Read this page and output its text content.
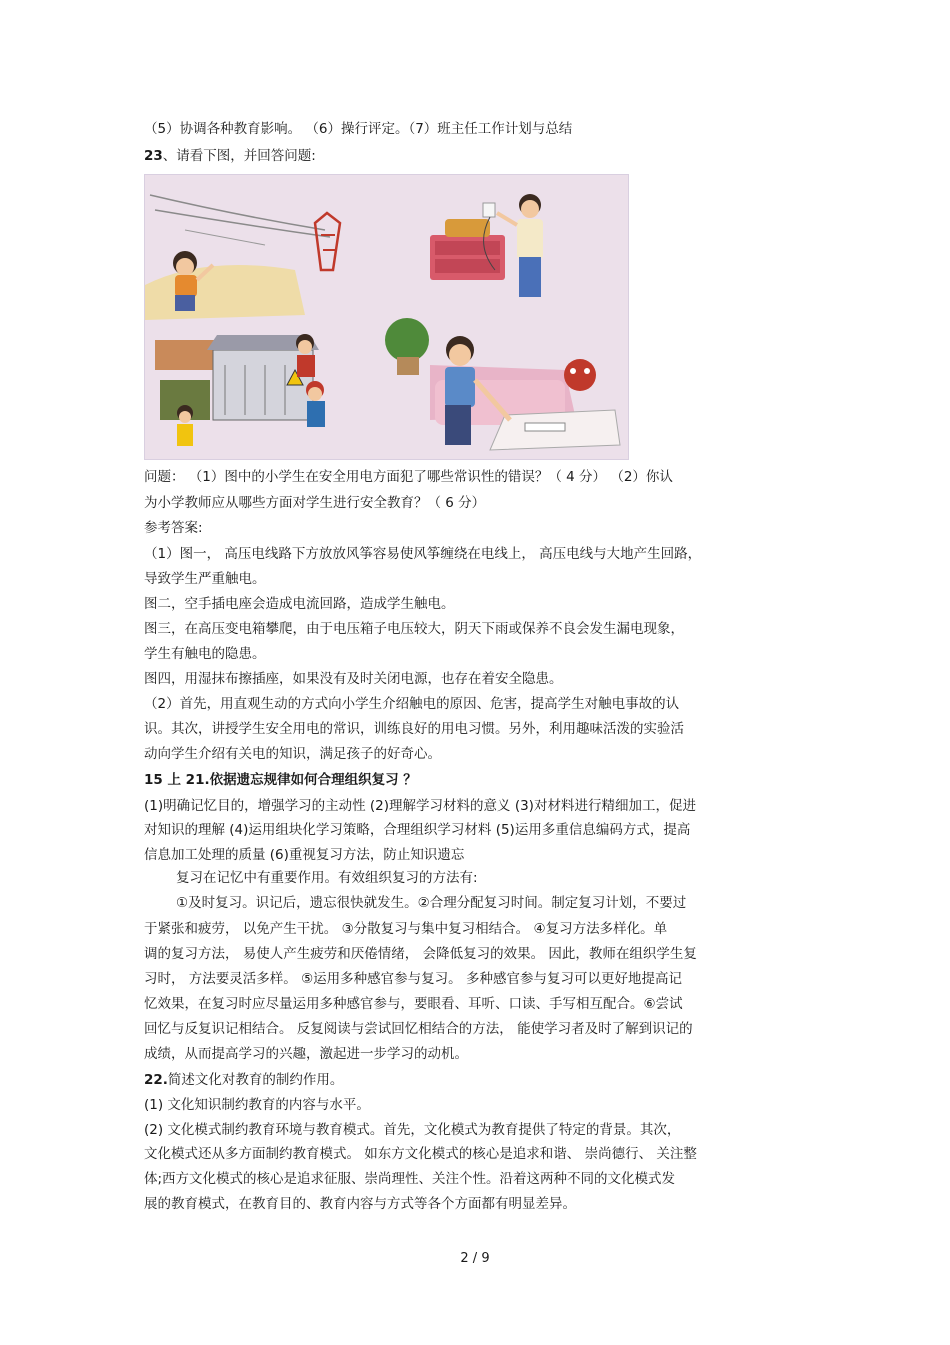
（5）协调各种教育影响。 （6）操行评定。（7）班主任工作计划与总结
23、请看下图，并回答问题:
问题： （1）图中的小学生在安全用电方面犯了哪些常识性的错误？（ 4 分） （2）你认
为小学教师应从哪些方面对学生进行安全教育？（ 6 分）
参考答案:
（1）图一， 高压电线路下方放放风筝容易使风筝缠绕在电线上， 高压电线与大地产生回路，
导致学生严重触电。
图二，空手插电座会造成电流回路，造成学生触电。
图三，在高压变电箱攀爬，由于电压箱子电压较大，阴天下雨或保养不良会发生漏电现象，
学生有触电的隐患。
图四，用湿抹布擦插座，如果没有及时关闭电源，也存在着安全隐患。
（2）首先，用直观生动的方式向小学生介绍触电的原因、危害，提高学生对触电事故的认
识。其次，讲授学生安全用电的常识，训练良好的用电习惯。另外，利用趣味活泼的实验活
动向学生介绍有关电的知识，满足孩子的好奇心。
15 上 21.依据遗忘规律如何合理组织复习 ？
(1)明确记忆目的，增强学习的主动性 (2)理解学习材料的意义 (3)对材料进行精细加工，促进
对知识的理解 (4)运用组块化学习策略，合理组织学习材料 (5)运用多重信息编码方式，提高
信息加工处理的质量 (6)重视复习方法，防止知识遗忘
复习在记忆中有重要作用。有效组织复习的方法有:
①及时复习。识记后，遗忘很快就发生。②合理分配复习时间。制定复习计划，不要过
于紧张和疲劳， 以免产生干扰。 ③分散复习与集中复习相结合。 ④复习方法多样化。单
调的复习方法， 易使人产生疲劳和厌倦情绪， 会降低复习的效果。 因此，教师在组织学生复
习时， 方法要灵活多样。 ⑤运用多种感官参与复习。 多种感官参与复习可以更好地提高记
忆效果，在复习时应尽量运用多种感官参与，要眼看、耳听、口读、手写相互配合。⑥尝试
回忆与反复识记相结合。 反复阅读与尝试回忆相结合的方法， 能使学习者及时了解到识记的
成绩，从而提高学习的兴趣，激起进一步学习的动机。
22.简述文化对教育的制约作用。
(1) 文化知识制约教育的内容与水平。
(2) 文化模式制约教育环境与教育模式。首先，文化模式为教育提供了特定的背景。其次，
文化模式还从多方面制约教育模式。 如东方文化模式的核心是追求和谐、 崇尚德行、 关注整
体;西方文化模式的核心是追求征服、崇尚理性、关注个性。沿着这两种不同的文化模式发
展的教育模式，在教育目的、教育内容与方式等各个方面都有明显差异。
2 / 9
